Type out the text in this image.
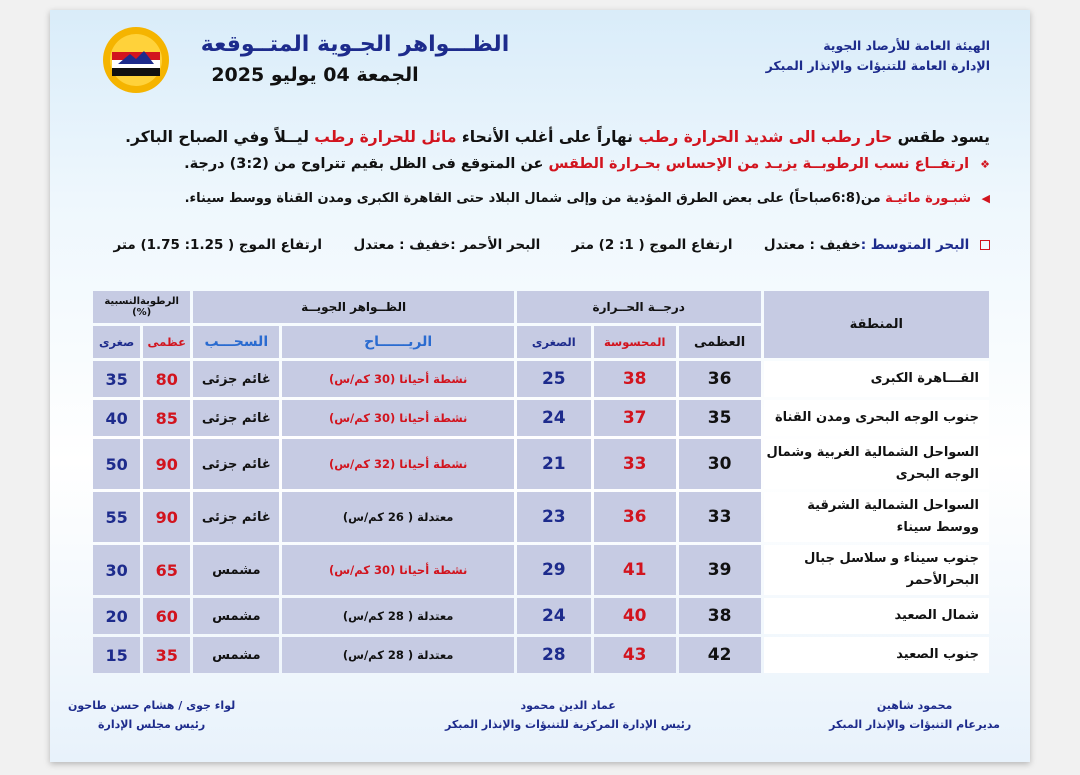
الهيئة العامة للأرصاد الجوية
الإدارة العامة للتنبؤات والإنذار المبكر
الظـــواهر الجـوية المتــوقعة
الجمعة 04 يوليو 2025
يسود طقس حار رطب الى شديد الحرارة رطب نهاراً على أغلب الأنحاء مائل للحرارة رطب ليــلاً وفي الصباح الباكر.
❖ ارتفــاع نسب الرطوبــة يزيـد من الإحساس بحـرارة الطقس عن المتوقع فى الظل بقيم تتراوح من (3:2) درجة.
◀ شبـورة مائيـة من(6:8صباحاً) على بعض الطرق المؤدية من وإلى شمال البلاد حتى القاهرة الكبرى ومدن القناة ووسط سيناء.
البحر المتوسط :خفيف : معتدل  ارتفاع الموج ( 1: 2) متر  البحر الأحمر :خفيف : معتدل  ارتفاع الموج ( 1.25: 1.75) متر
المنطقة	درجــة الحــرارة			الظــواهر الجويــة		الرطوبةالنسبية (%)	
	العظمى	المحسوسة	الصغرى	الريــــــاح	السحـــب	عظمى	صغرى
القـــاهرة الكبرى	36	38	25	نشطة أحيانا (30 كم/س)	غائم جزئى	80	35
جنوب الوجه البحرى ومدن القناة	35	37	24	نشطة أحيانا (30 كم/س)	غائم جزئى	85	40
السواحل الشمالية الغربية وشمال الوجه البحرى	30	33	21	نشطة أحيانا (32 كم/س)	غائم جزئى	90	50
السواحل الشمالية الشرقية ووسط سيناء	33	36	23	معتدلة ( 26 كم/س)	غائم جزئى	90	55
جنوب سيناء و سلاسل جبال البحرالأحمر	39	41	29	نشطة أحيانا (30 كم/س)	مشمس	65	30
شمال الصعيد	38	40	24	معتدلة ( 28 كم/س)	مشمس	60	20
جنوب الصعيد	42	43	28	معتدلة ( 28 كم/س)	مشمس	35	15
محمود شاهين
مديرعام التنبؤات والإنذار المبكر
عماد الدين محمود
رئيس الإدارة المركزية للتنبؤات والإنذار المبكر
لواء جوى / هشام حسن طاحون
رئيس مجلس الإدارة
